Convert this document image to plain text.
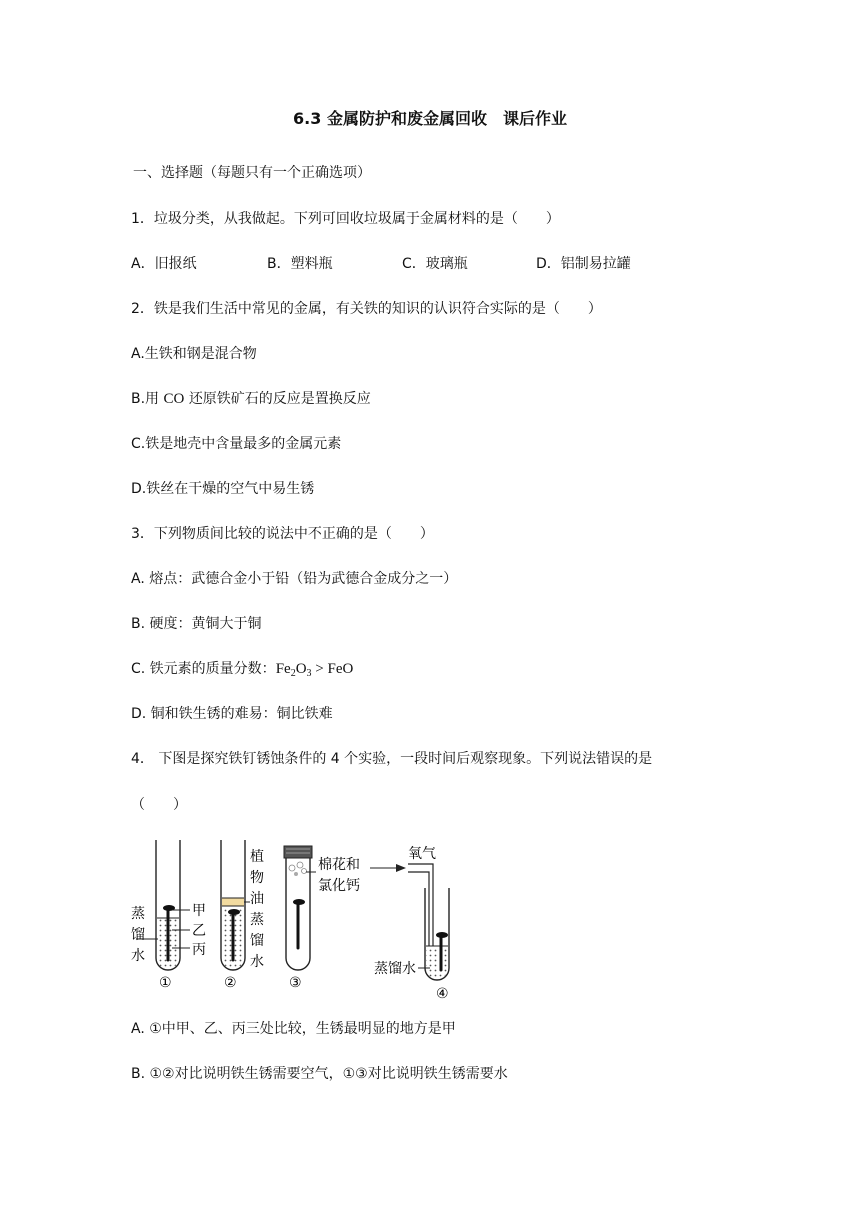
6.3 金属防护和废金属回收　课后作业
一、选择题（每题只有一个正确选项）
1．垃圾分类，从我做起。下列可回收垃圾属于金属材料的是（　　）
A．旧报纸	B．塑料瓶	C．玻璃瓶	D．铝制易拉罐
2．铁是我们生活中常见的金属，有关铁的知识的认识符合实际的是（　　）
A.生铁和钢是混合物
B.用 CO 还原铁矿石的反应是置换反应
C.铁是地壳中含量最多的金属元素
D.铁丝在干燥的空气中易生锈
3．下列物质间比较的说法中不正确的是（　　）
A. 熔点：武德合金小于铅（铅为武德合金成分之一）
B. 硬度：黄铜大于铜
C. 铁元素的质量分数：$Fe_2O_3$ > FeO
D. 铜和铁生锈的难易：铜比铁难
4． 下图是探究铁钉锈蚀条件的 4 个实验，一段时间后观察现象。下列说法错误的是
（　　）
蒸
馏
水
甲
乙
丙
①
植
物
油
蒸
馏
水
②
棉花和
氯化钙
③
氧气
蒸馏水
④
A. ①中甲、乙、丙三处比较，生锈最明显的地方是甲
B. ①②对比说明铁生锈需要空气，①③对比说明铁生锈需要水
